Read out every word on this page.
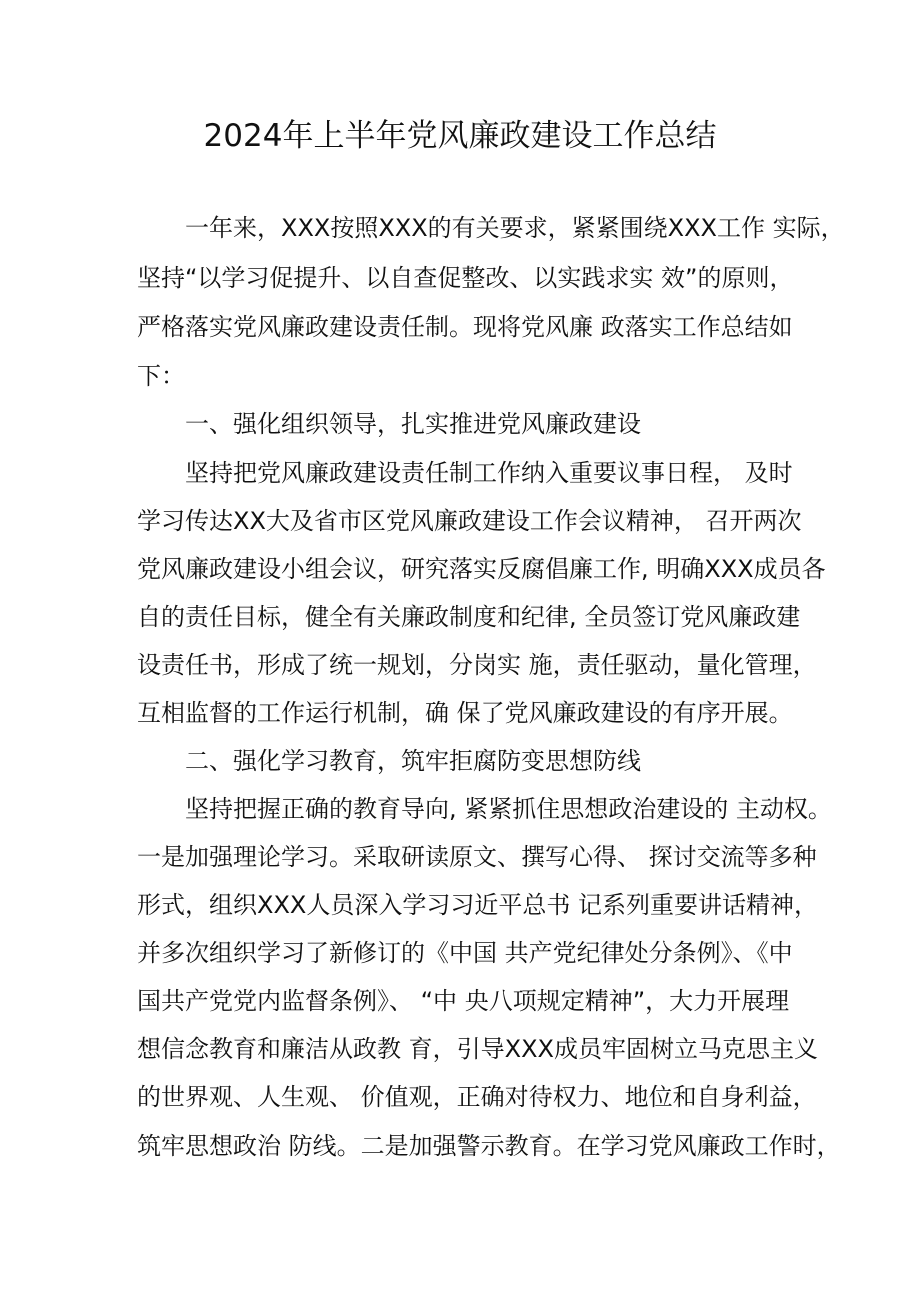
2024年上半年党风廉政建设工作总结

一年来，XXX按照XXX的有关要求，紧紧围绕XXX工作 实际，

坚持“以学习促提升、以自查促整改、以实践求实 效”的原则，

严格落实党风廉政建设责任制。现将党风廉 政落实工作总结如

下：

一、强化组织领导，扎实推进党风廉政建设

坚持把党风廉政建设责任制工作纳入重要议事日程， 及时

学习传达XX大及省市区党风廉政建设工作会议精神， 召开两次

党风廉政建设小组会议，研究落实反腐倡廉工作, 明确XXX成员各

自的责任目标，健全有关廉政制度和纪律, 全员签订党风廉政建

设责任书，形成了统一规划，分岗实 施，责任驱动，量化管理，

互相监督的工作运行机制，确 保了党风廉政建设的有序开展。

二、强化学习教育，筑牢拒腐防变思想防线

坚持把握正确的教育导向, 紧紧抓住思想政治建设的 主动权。

一是加强理论学习。采取研读原文、撰写心得、 探讨交流等多种

形式，组织XXX人员深入学习习近平总书 记系列重要讲话精神，

并多次组织学习了新修订的《中国 共产党纪律处分条例》、《中

国共产党党内监督条例》、 “中 央八项规定精神”，大力开展理

想信念教育和廉洁从政教 育，引导XXX成员牢固树立马克思主义

的世界观、人生观、 价值观，正确对待权力、地位和自身利益，

筑牢思想政治 防线。二是加强警示教育。在学习党风廉政工作时，
